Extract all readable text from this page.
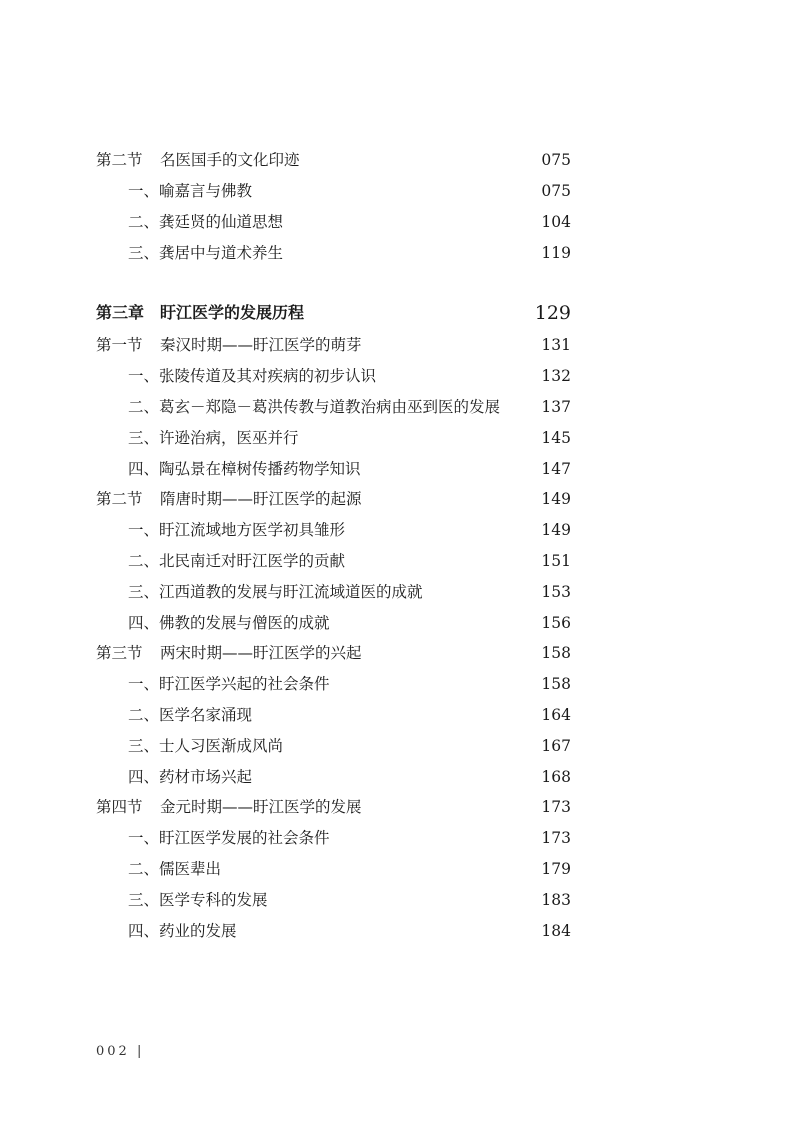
第二节 名医国手的文化印迹	075
一、喻嘉言与佛教	075
二、龚廷贤的仙道思想	104
三、龚居中与道术养生	119
第三章 盱江医学的发展历程	129
第一节 秦汉时期——盱江医学的萌芽	131
一、张陵传道及其对疾病的初步认识	132
二、葛玄－郑隐－葛洪传教与道教治病由巫到医的发展	137
三、许逊治病，医巫并行	145
四、陶弘景在樟树传播药物学知识	147
第二节 隋唐时期——盱江医学的起源	149
一、盱江流域地方医学初具雏形	149
二、北民南迁对盱江医学的贡献	151
三、江西道教的发展与盱江流域道医的成就	153
四、佛教的发展与僧医的成就	156
第三节 两宋时期——盱江医学的兴起	158
一、盱江医学兴起的社会条件	158
二、医学名家涌现	164
三、士人习医渐成风尚	167
四、药材市场兴起	168
第四节 金元时期——盱江医学的发展	173
一、盱江医学发展的社会条件	173
二、儒医辈出	179
三、医学专科的发展	183
四、药业的发展	184
002 |
